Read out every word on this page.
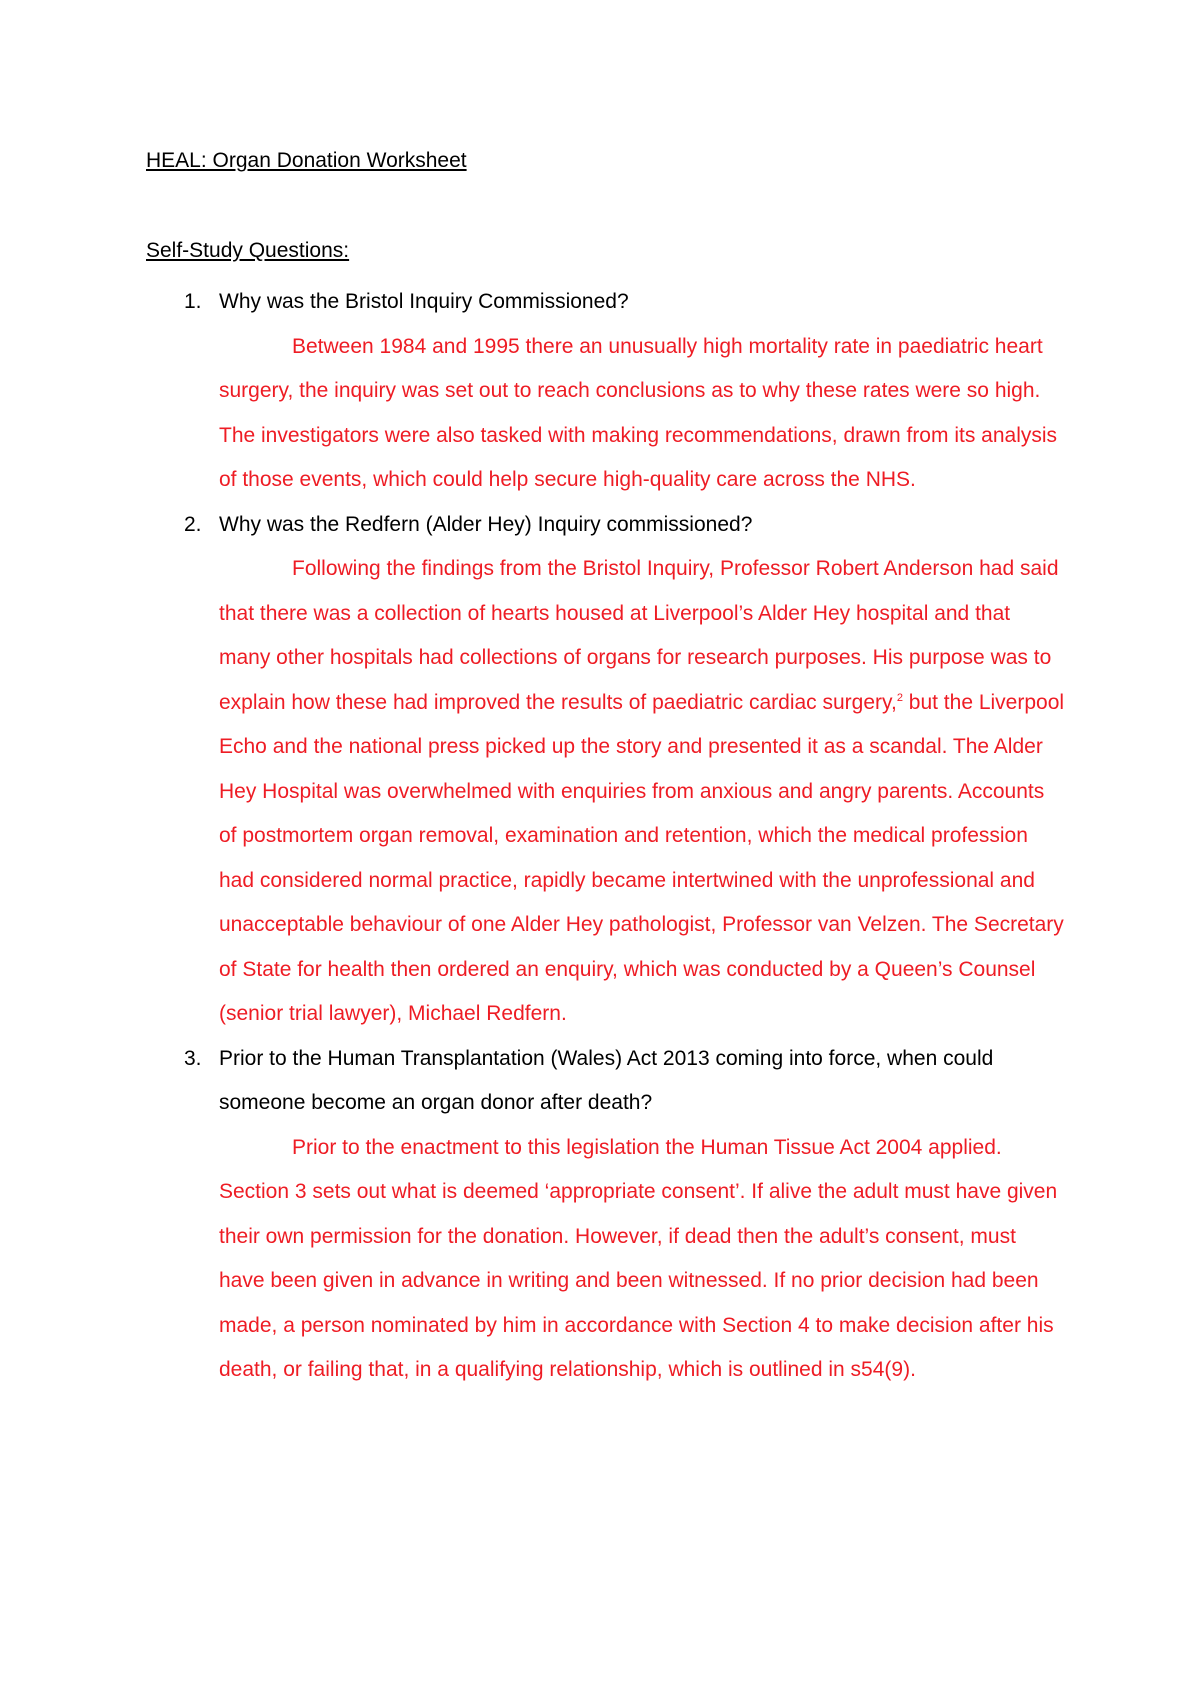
HEAL: Organ Donation Worksheet
Self-Study Questions:
1. Why was the Bristol Inquiry Commissioned?

Between 1984 and 1995 there an unusually high mortality rate in paediatric heart surgery, the inquiry was set out to reach conclusions as to why these rates were so high. The investigators were also tasked with making recommendations, drawn from its analysis of those events, which could help secure high-quality care across the NHS.

2. Why was the Redfern (Alder Hey) Inquiry commissioned?

Following the findings from the Bristol Inquiry, Professor Robert Anderson had said that there was a collection of hearts housed at Liverpool’s Alder Hey hospital and that many other hospitals had collections of organs for research purposes. His purpose was to explain how these had improved the results of paediatric cardiac surgery,$^2$ but the Liverpool Echo and the national press picked up the story and presented it as a scandal. The Alder Hey Hospital was overwhelmed with enquiries from anxious and angry parents. Accounts of postmortem organ removal, examination and retention, which the medical profession had considered normal practice, rapidly became intertwined with the unprofessional and unacceptable behaviour of one Alder Hey pathologist, Professor van Velzen. The Secretary of State for health then ordered an enquiry, which was conducted by a Queen’s Counsel (senior trial lawyer), Michael Redfern.

3. Prior to the Human Transplantation (Wales) Act 2013 coming into force, when could someone become an organ donor after death?

Prior to the enactment to this legislation the Human Tissue Act 2004 applied. Section 3 sets out what is deemed ‘appropriate consent’. If alive the adult must have given their own permission for the donation. However, if dead then the adult’s consent, must have been given in advance in writing and been witnessed. If no prior decision had been made, a person nominated by him in accordance with Section 4 to make decision after his death, or failing that, in a qualifying relationship, which is outlined in s54(9).
